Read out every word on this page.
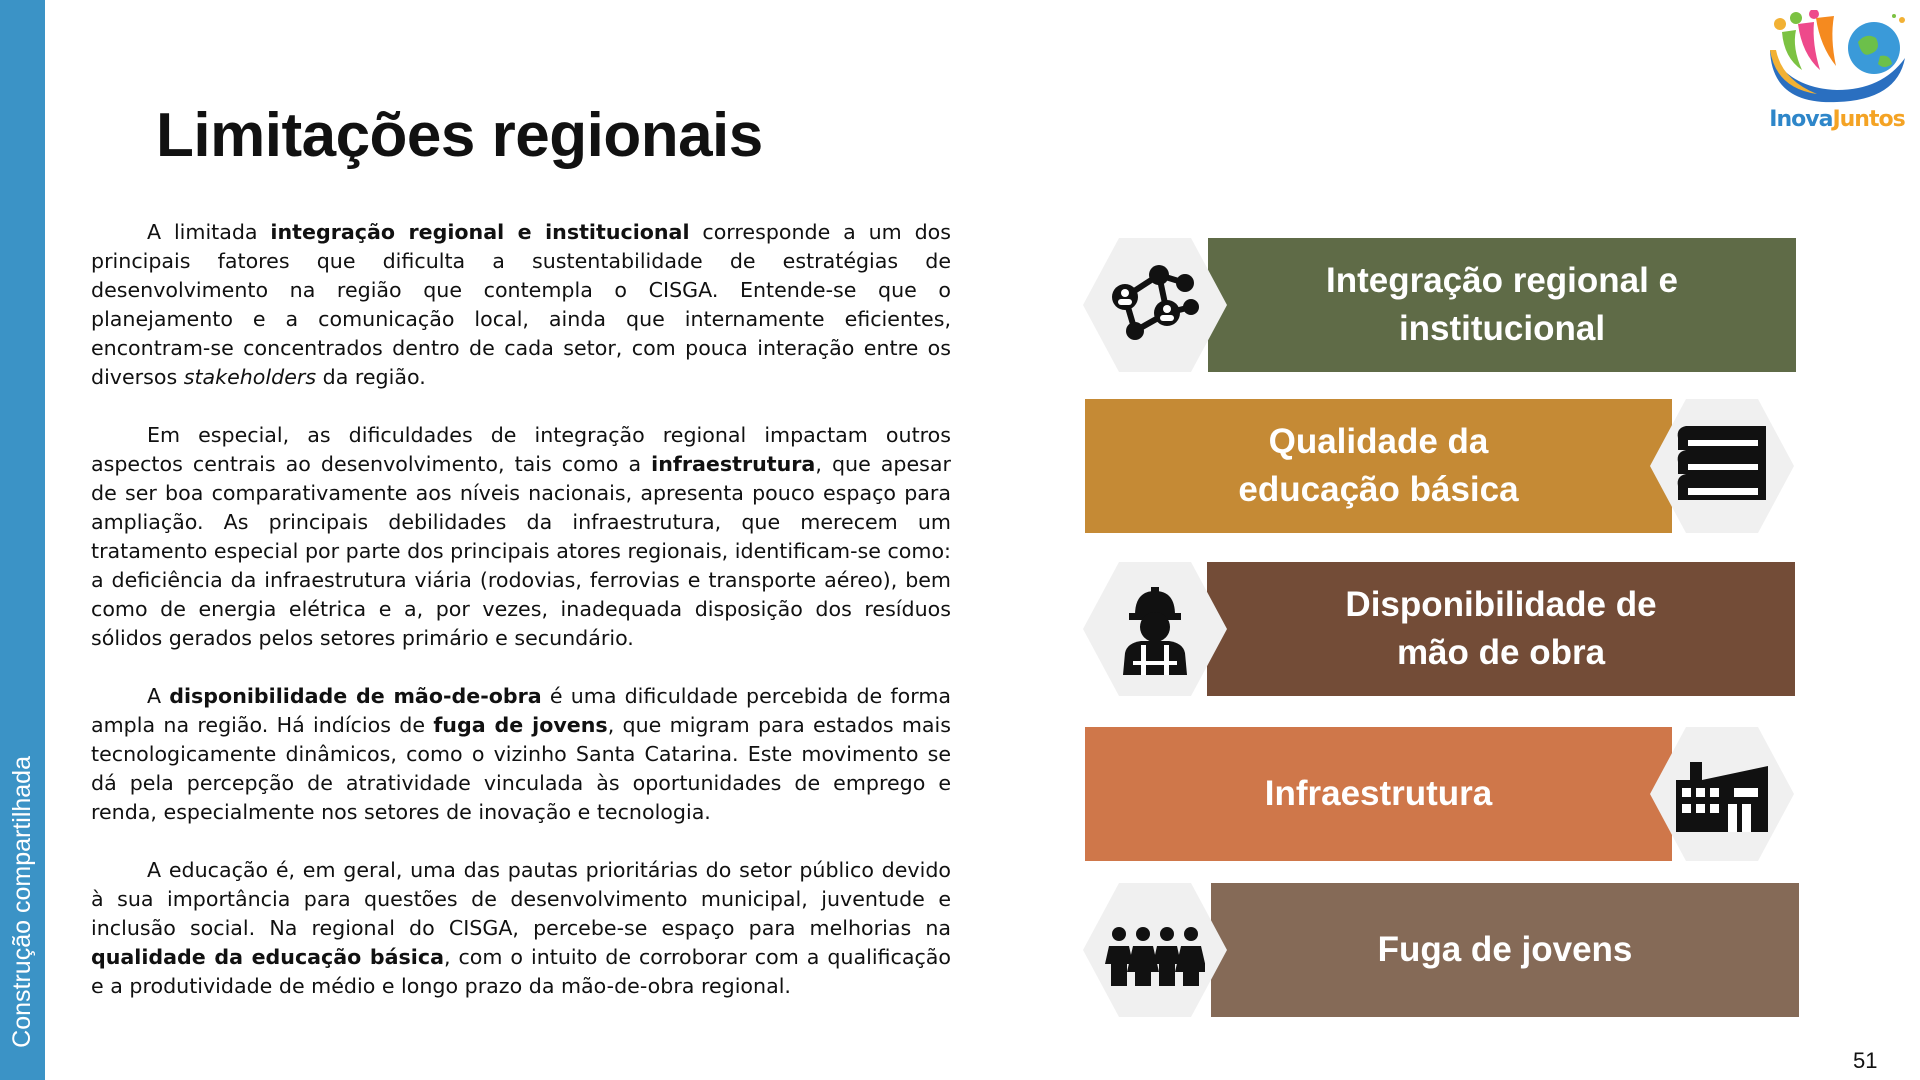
Construção compartilhada
Limitações regionais	InovaJuntos

A limitada integração regional e institucional corresponde a um dos principais fatores que dificulta a sustentabilidade de estratégias de desenvolvimento na região que contempla o CISGA. Entende-se que o planejamento e a comunicação local, ainda que internamente eficientes, encontram-se concentrados dentro de cada setor, com pouca interação entre os diversos stakeholders da região.

Em especial, as dificuldades de integração regional impactam outros aspectos centrais ao desenvolvimento, tais como a infraestrutura, que apesar de ser boa comparativamente aos níveis nacionais, apresenta pouco espaço para ampliação. As principais debilidades da infraestrutura, que merecem um tratamento especial por parte dos principais atores regionais, identificam-se como: a deficiência da infraestrutura viária (rodovias, ferrovias e transporte aéreo), bem como de energia elétrica e a, por vezes, inadequada disposição dos resíduos sólidos gerados pelos setores primário e secundário.

A disponibilidade de mão-de-obra é uma dificuldade percebida de forma ampla na região. Há indícios de fuga de jovens, que migram para estados mais tecnologicamente dinâmicos, como o vizinho Santa Catarina. Este movimento se dá pela percepção de atratividade vinculada às oportunidades de emprego e renda, especialmente nos setores de inovação e tecnologia.

A educação é, em geral, uma das pautas prioritárias do setor público devido à sua importância para questões de desenvolvimento municipal, juventude e inclusão social. Na regional do CISGA, percebe-se espaço para melhorias na qualidade da educação básica, com o intuito de corroborar com a qualificação e a produtividade de médio e longo prazo da mão-de-obra regional.

Integração regional e
institucional
Qualidade da
educação básica
Disponibilidade de
mão de obra
Infraestrutura
Fuga de jovens
51
